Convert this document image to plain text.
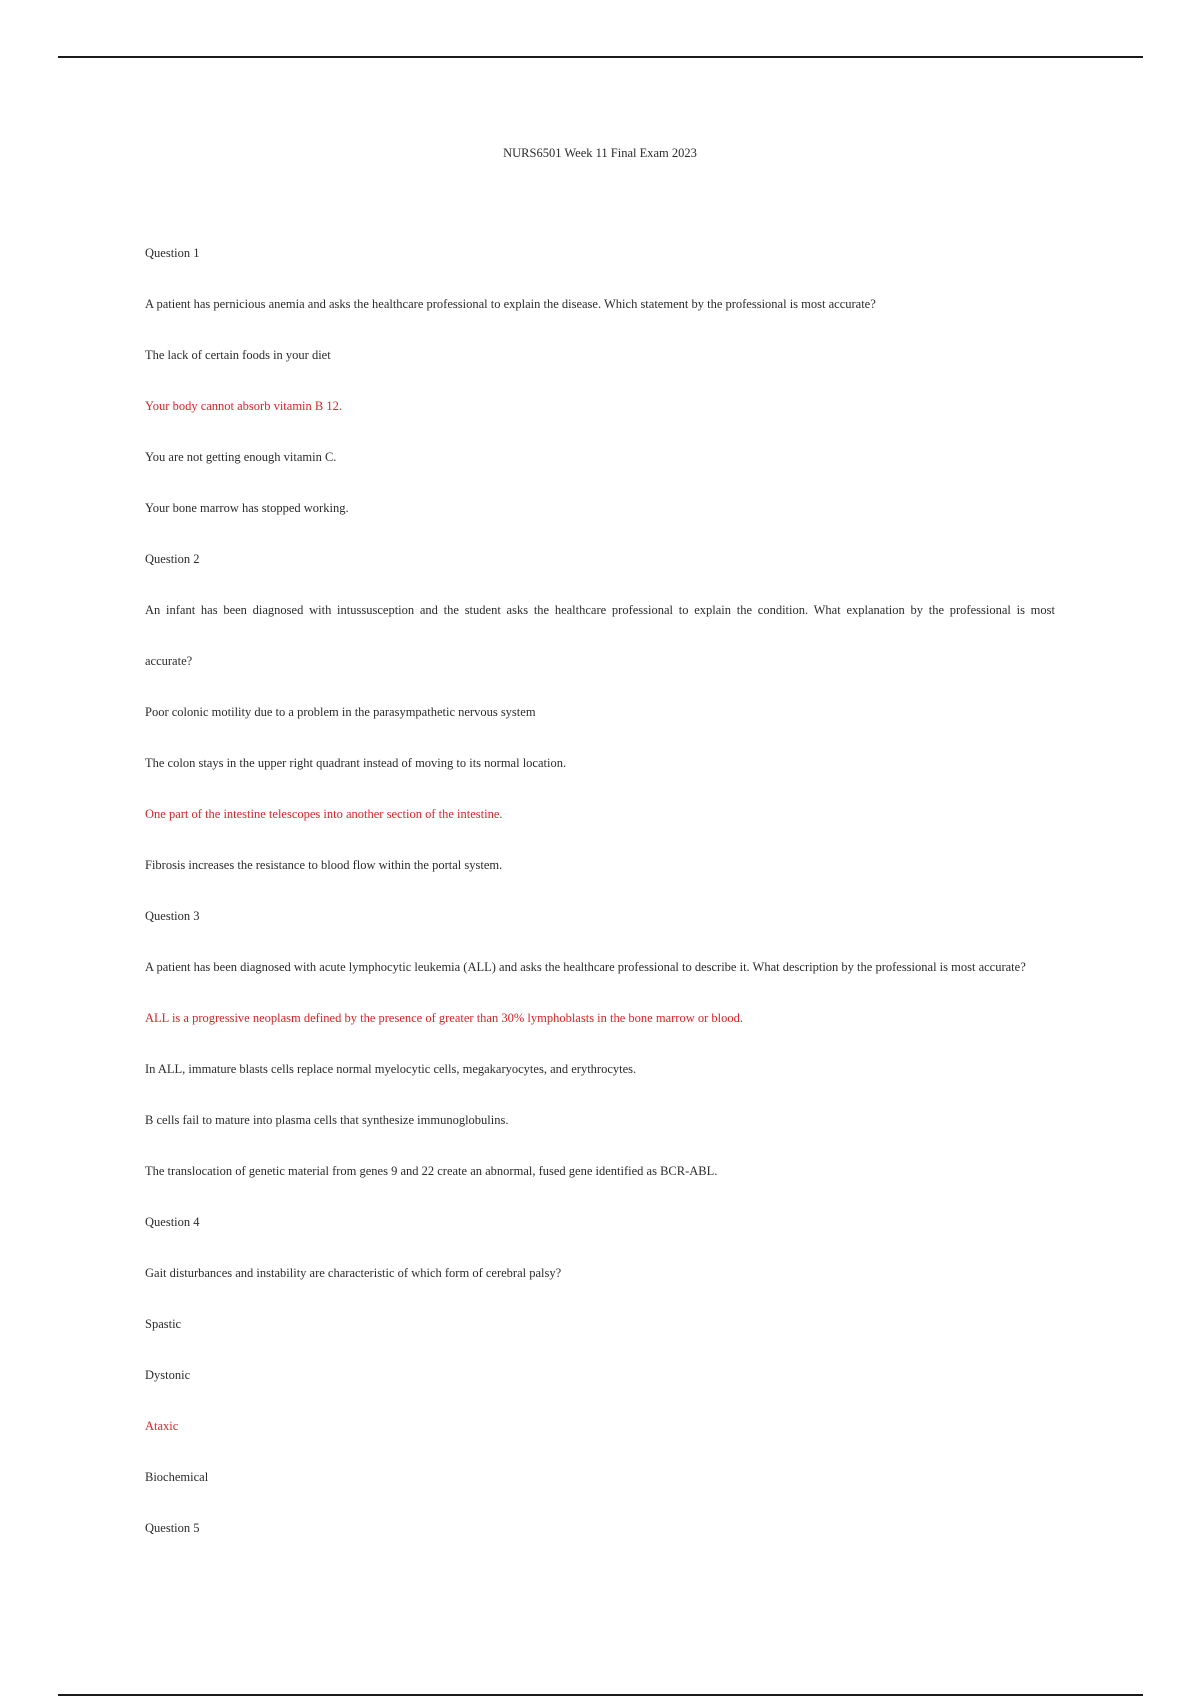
NURS6501 Week 11 Final Exam 2023

Question 1

A patient has pernicious anemia and asks the healthcare professional to explain the disease. Which statement by the professional is most accurate?

The lack of certain foods in your diet

Your body cannot absorb vitamin B 12.

You are not getting enough vitamin C.

Your bone marrow has stopped working.

Question 2

An infant has been diagnosed with intussusception and the student asks the healthcare professional to explain the condition. What explanation by the professional is most

accurate?

Poor colonic motility due to a problem in the parasympathetic nervous system

The colon stays in the upper right quadrant instead of moving to its normal location.

One part of the intestine telescopes into another section of the intestine.

Fibrosis increases the resistance to blood flow within the portal system.

Question 3

A patient has been diagnosed with acute lymphocytic leukemia (ALL) and asks the healthcare professional to describe it. What description by the professional is most accurate?

ALL is a progressive neoplasm defined by the presence of greater than 30% lymphoblasts in the bone marrow or blood.

In ALL, immature blasts cells replace normal myelocytic cells, megakaryocytes, and erythrocytes.

B cells fail to mature into plasma cells that synthesize immunoglobulins.

The translocation of genetic material from genes 9 and 22 create an abnormal, fused gene identified as BCR-ABL.

Question 4

Gait disturbances and instability are characteristic of which form of cerebral palsy?

Spastic

Dystonic

Ataxic

Biochemical

Question 5
